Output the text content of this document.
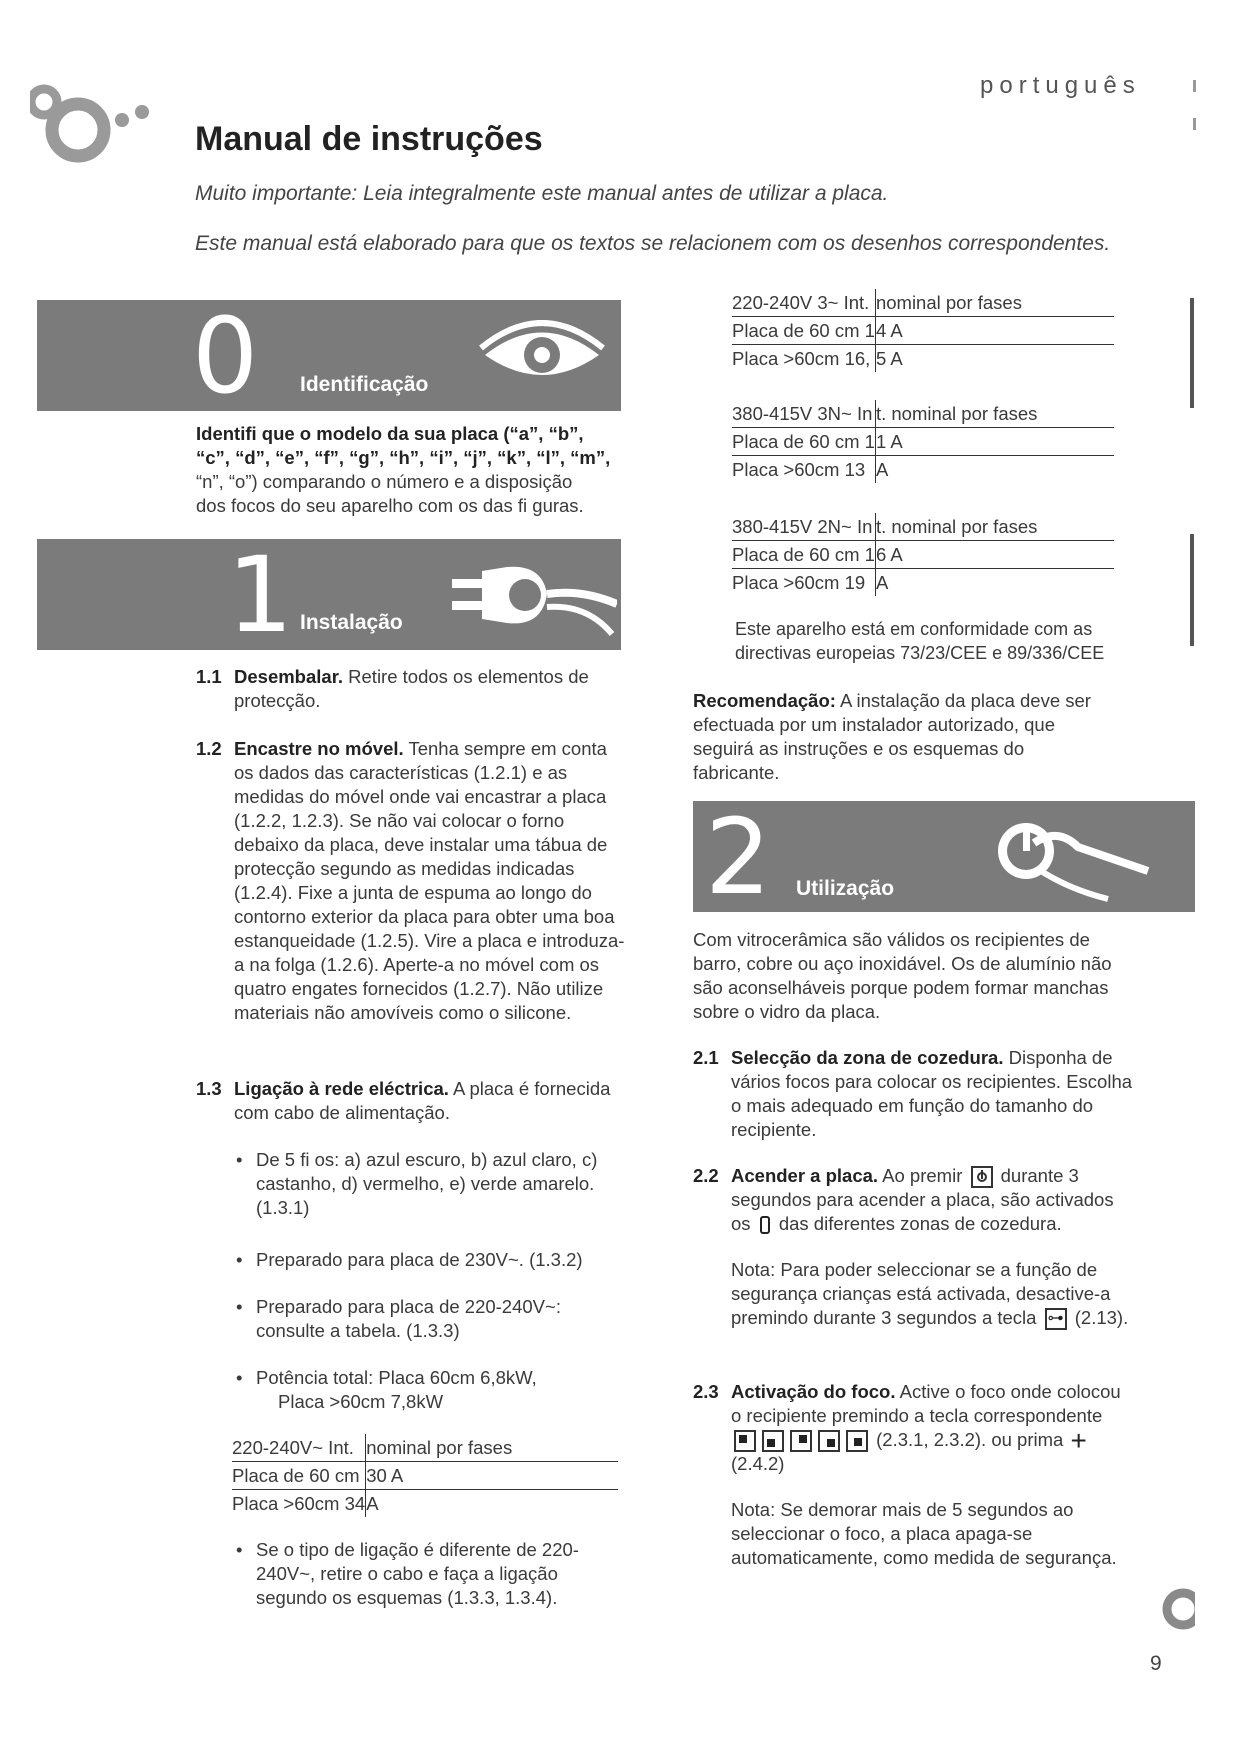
português
Manual de instruções
Muito importante: Leia integralmente este manual antes de utilizar a placa.
Este manual está elaborado para que os textos se relacionem com os desenhos correspondentes.
0 Identificação
Identifi que o modelo da sua placa (“a”, “b”,
“c”, “d”, “e”, “f”, “g”, “h”, “i”, “j”, “k”, “l”, “m”,
“n”, “o”) comparando o número e a disposição
dos focos do seu aparelho com os das fi guras.
1 Instalação
1.1 Desembalar. Retire todos os elementos de protecção.
1.2 Encastre no móvel. Tenha sempre em conta os dados das características (1.2.1) e as medidas do móvel onde vai encastrar a placa (1.2.2, 1.2.3). Se não vai colocar o forno debaixo da placa, deve instalar uma tábua de protecção segundo as medidas indicadas (1.2.4). Fixe a junta de espuma ao longo do contorno exterior da placa para obter uma boa estanqueidade (1.2.5). Vire a placa e introduza-a na folga (1.2.6). Aperte-a no móvel com os quatro engates fornecidos (1.2.7). Não utilize materiais não amovíveis como o silicone.
1.3 Ligação à rede eléctrica. A placa é fornecida com cabo de alimentação.
• De 5 fi os: a) azul escuro, b) azul claro, c) castanho, d) vermelho, e) verde amarelo. (1.3.1)
• Preparado para placa de 230V~. (1.3.2)
• Preparado para placa de 220-240V~: consulte a tabela. (1.3.3)
• Potência total: Placa 60cm 6,8kW,
Placa >60cm 7,8kW
220-240V~ Int.	nominal por fases
Placa de 60 cm	30 A
Placa >60cm 34	A
• Se o tipo de ligação é diferente de 220-240V~, retire o cabo e faça a ligação segundo os esquemas (1.3.3, 1.3.4).
220-240V 3~ Int.	nominal por fases
Placa de 60 cm 1	4 A
Placa >60cm 16,	5 A
380-415V 3N~ In	t. nominal por fases
Placa de 60 cm 1	1 A
Placa >60cm 13	A
380-415V 2N~ In	t. nominal por fases
Placa de 60 cm 1	6 A
Placa >60cm 19	A
Este aparelho está em conformidade com as
directivas europeias 73/23/CEE e 89/336/CEE
Recomendação: A instalação da placa deve ser efectuada por um instalador autorizado, que seguirá as instruções e os esquemas do fabricante.
2 Utilização
Com vitrocerâmica são válidos os recipientes de barro, cobre ou aço inoxidável. Os de alumínio não são aconselháveis porque podem formar manchas sobre o vidro da placa.
2.1 Selecção da zona de cozedura. Disponha de vários focos para colocar os recipientes. Escolha o mais adequado em função do tamanho do recipiente.
2.2 Acender a placa. Ao premir  durante 3 segundos para acender a placa, são activados os  das diferentes zonas de cozedura.
Nota: Para poder seleccionar se a função de segurança crianças está activada, desactive-a premindo durante 3 segundos a tecla ⊶ (2.13).
2.3 Activação do foco. Active o foco onde colocou o recipiente premindo a tecla correspondente  (2.3.1, 2.3.2). ou prima + (2.4.2)
Nota: Se demorar mais de 5 segundos ao seleccionar o foco, a placa apaga-se automaticamente, como medida de segurança.
9
